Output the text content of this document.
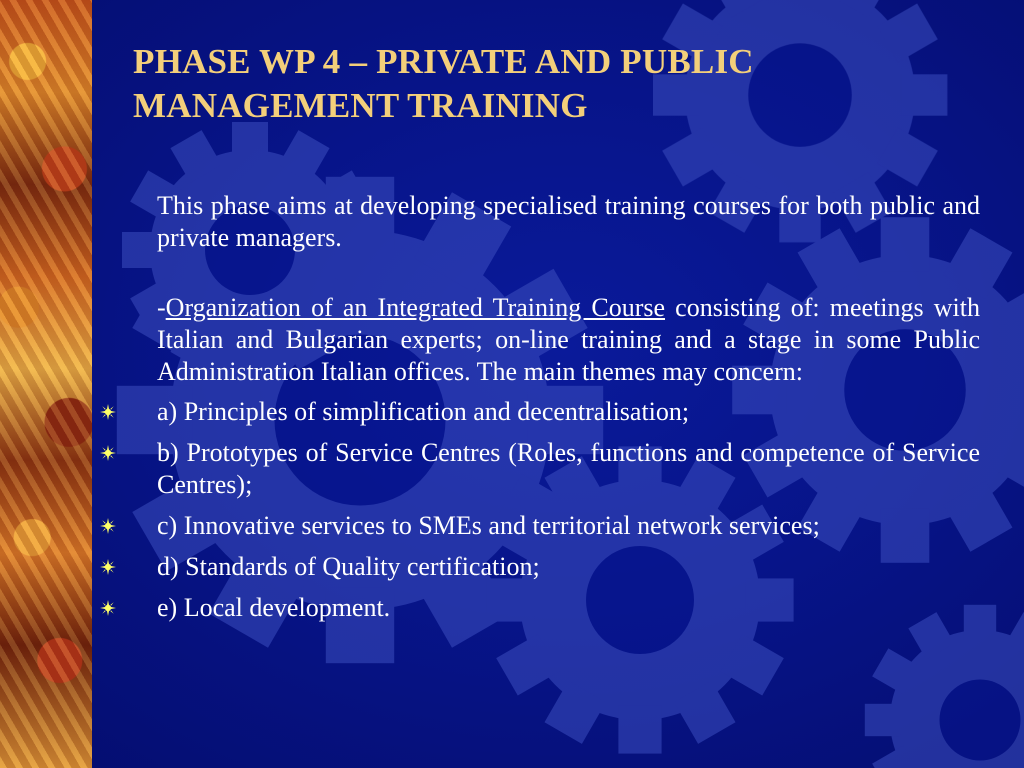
PHASE WP 4 – PRIVATE AND PUBLIC MANAGEMENT TRAINING

This phase aims at developing specialised training courses for both public and private managers.

-Organization of an Integrated Training Course consisting of: meetings with Italian and Bulgarian experts; on-line training and a stage in some Public Administration Italian offices. The main themes may concern:

a) Principles of simplification and decentralisation;
b) Prototypes of Service Centres (Roles, functions and competence of Service Centres);
c) Innovative services to SMEs and territorial network services;
d) Standards of Quality certification;
e) Local development.
